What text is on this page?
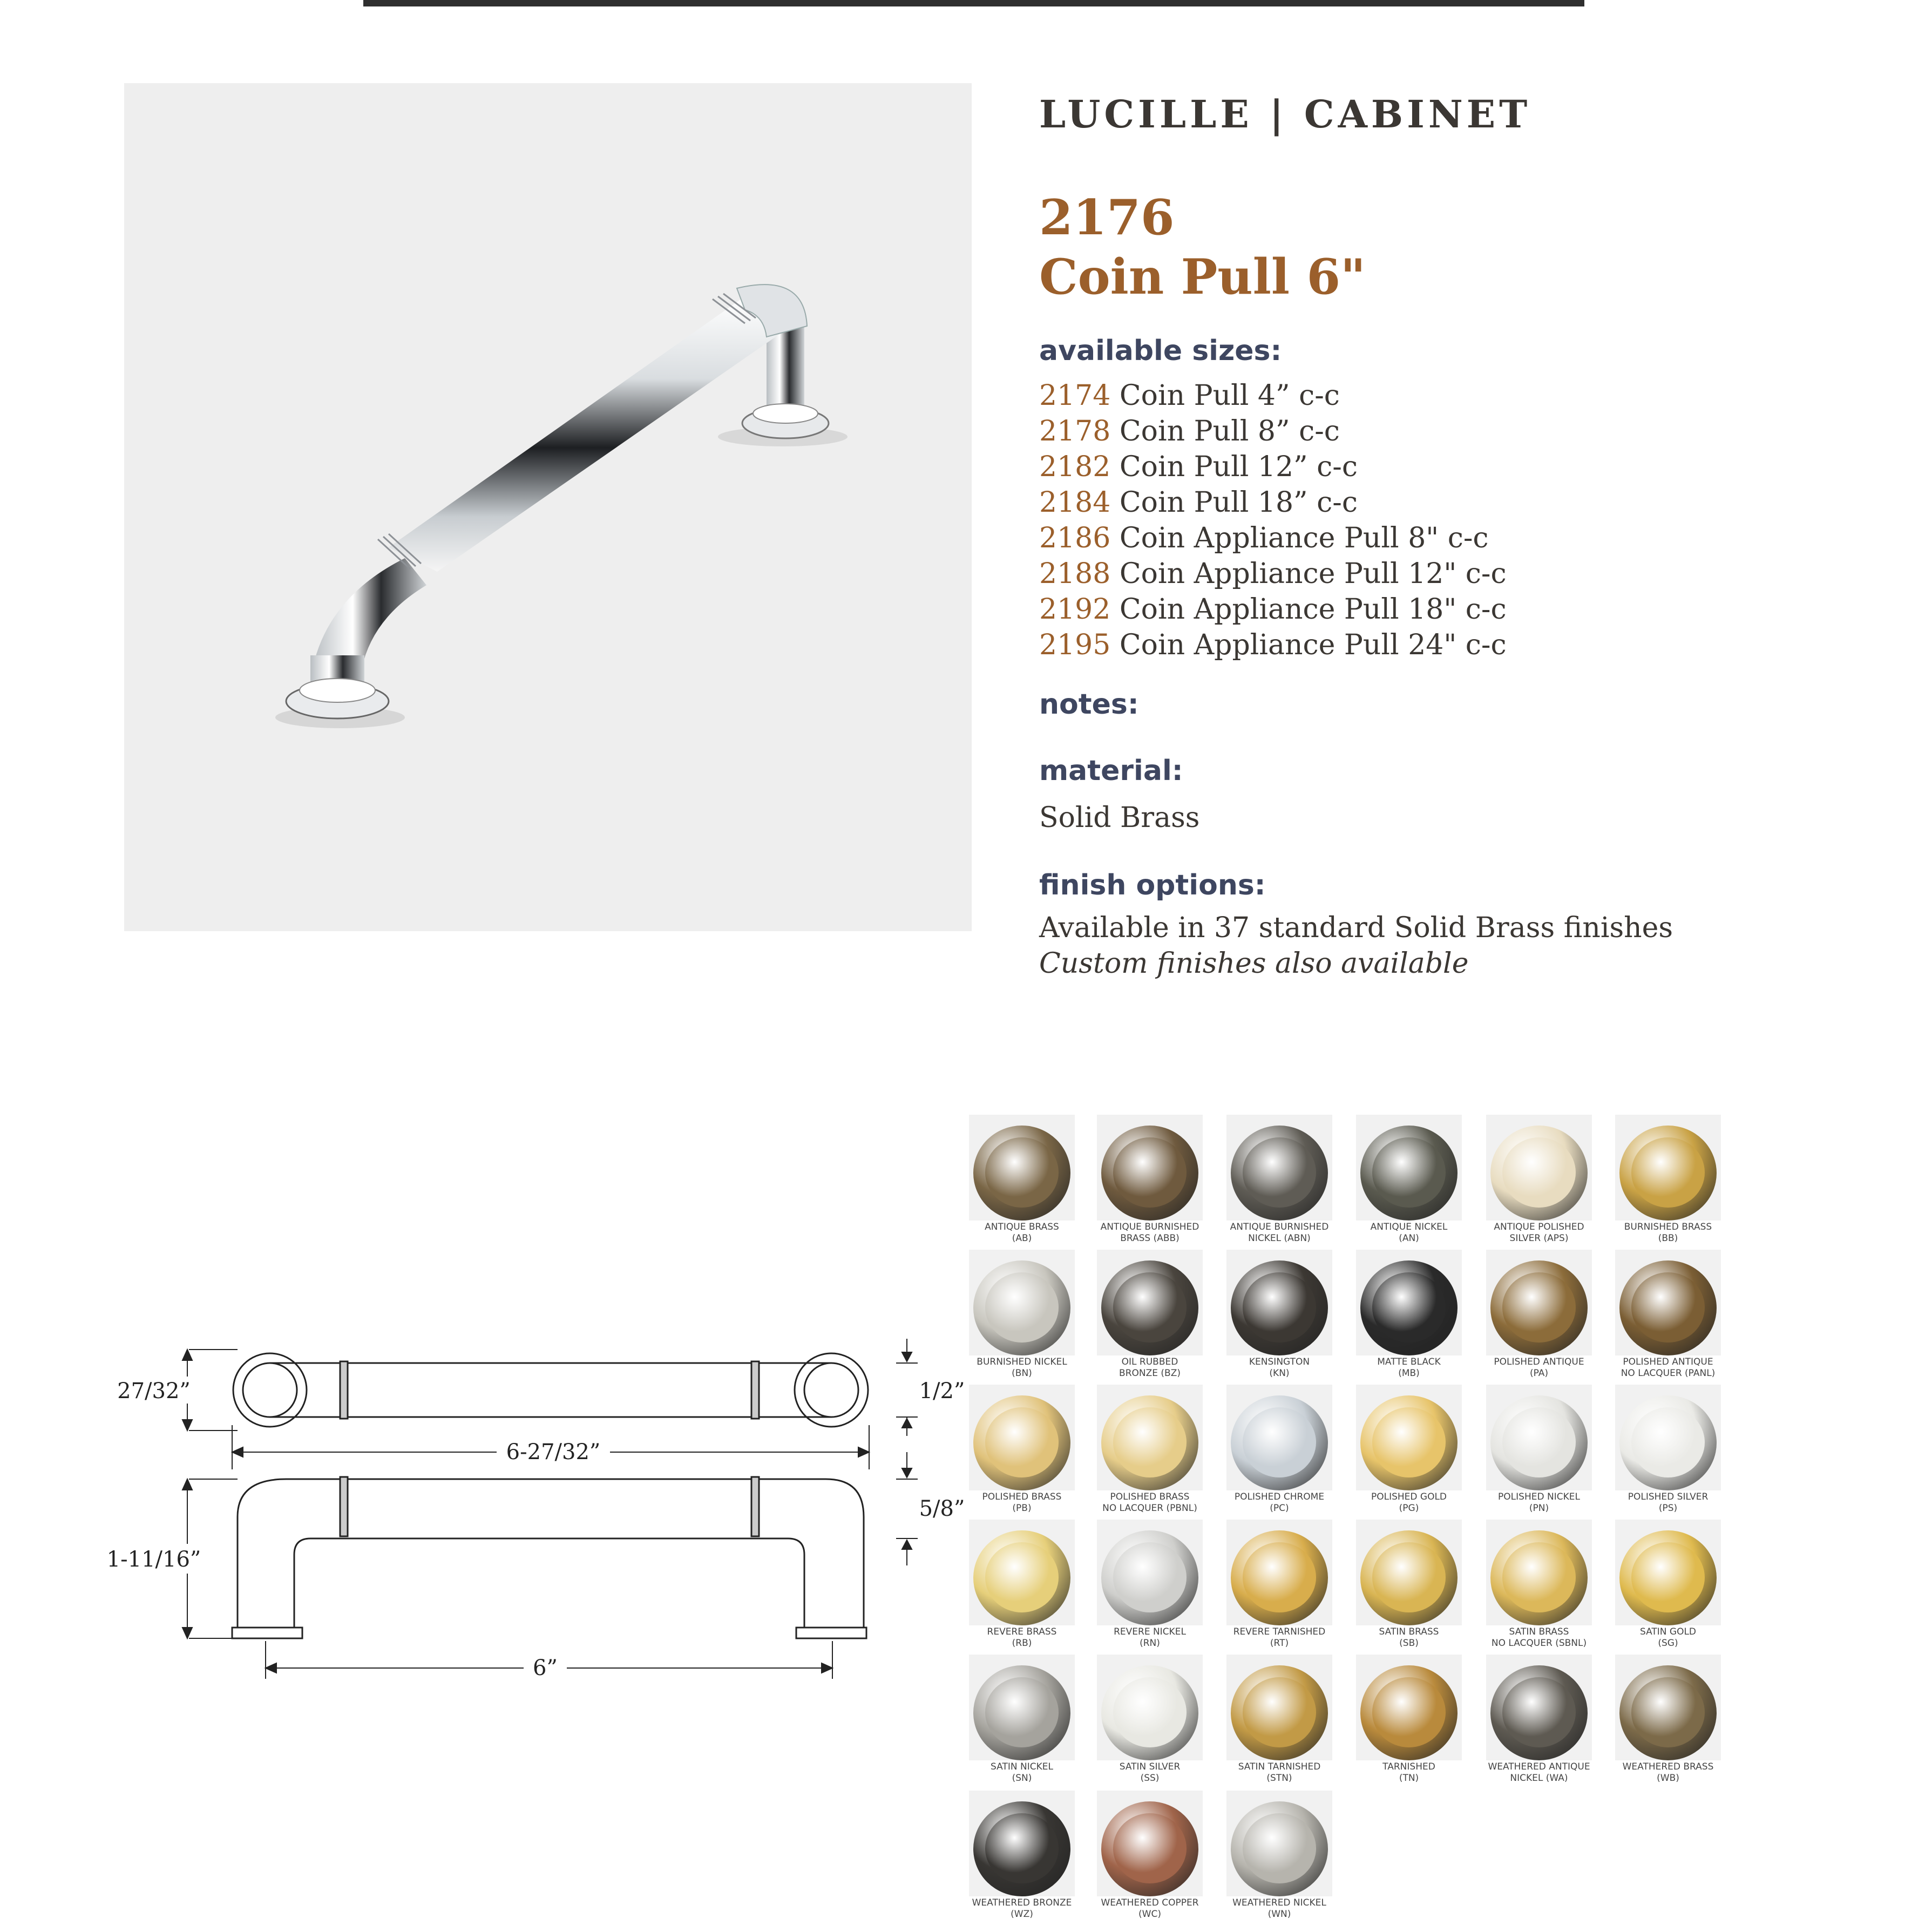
LUCILLE | CABINET
2176
Coin Pull 6"
available sizes:
2174 Coin Pull 4” c-c
2178 Coin Pull 8” c-c
2182 Coin Pull 12” c-c
2184 Coin Pull 18” c-c
2186 Coin Appliance Pull 8" c-c
2188 Coin Appliance Pull 12" c-c
2192 Coin Appliance Pull 18" c-c
2195 Coin Appliance Pull 24" c-c
notes:
material:
Solid Brass
finish options:
Available in 37 standard Solid Brass finishes
Custom finishes also available
27/32”
6-27/32”
1/2”
1-11/16”
5/8”
6”
ANTIQUE BRASS
(AB)
ANTIQUE BURNISHED
BRASS (ABB)
ANTIQUE BURNISHED
NICKEL (ABN)
ANTIQUE NICKEL
(AN)
ANTIQUE POLISHED
SILVER (APS)
BURNISHED BRASS
(BB)
BURNISHED NICKEL
(BN)
OIL RUBBED
BRONZE (BZ)
KENSINGTON
(KN)
MATTE BLACK
(MB)
POLISHED ANTIQUE
(PA)
POLISHED ANTIQUE
NO LACQUER (PANL)
POLISHED BRASS
(PB)
POLISHED BRASS
NO LACQUER (PBNL)
POLISHED CHROME
(PC)
POLISHED GOLD
(PG)
POLISHED NICKEL
(PN)
POLISHED SILVER
(PS)
REVERE BRASS
(RB)
REVERE NICKEL
(RN)
REVERE TARNISHED
(RT)
SATIN BRASS
(SB)
SATIN BRASS
NO LACQUER (SBNL)
SATIN GOLD
(SG)
SATIN NICKEL
(SN)
SATIN SILVER
(SS)
SATIN TARNISHED
(STN)
TARNISHED
(TN)
WEATHERED ANTIQUE
NICKEL (WA)
WEATHERED BRASS
(WB)
WEATHERED BRONZE
(WZ)
WEATHERED COPPER
(WC)
WEATHERED NICKEL
(WN)
